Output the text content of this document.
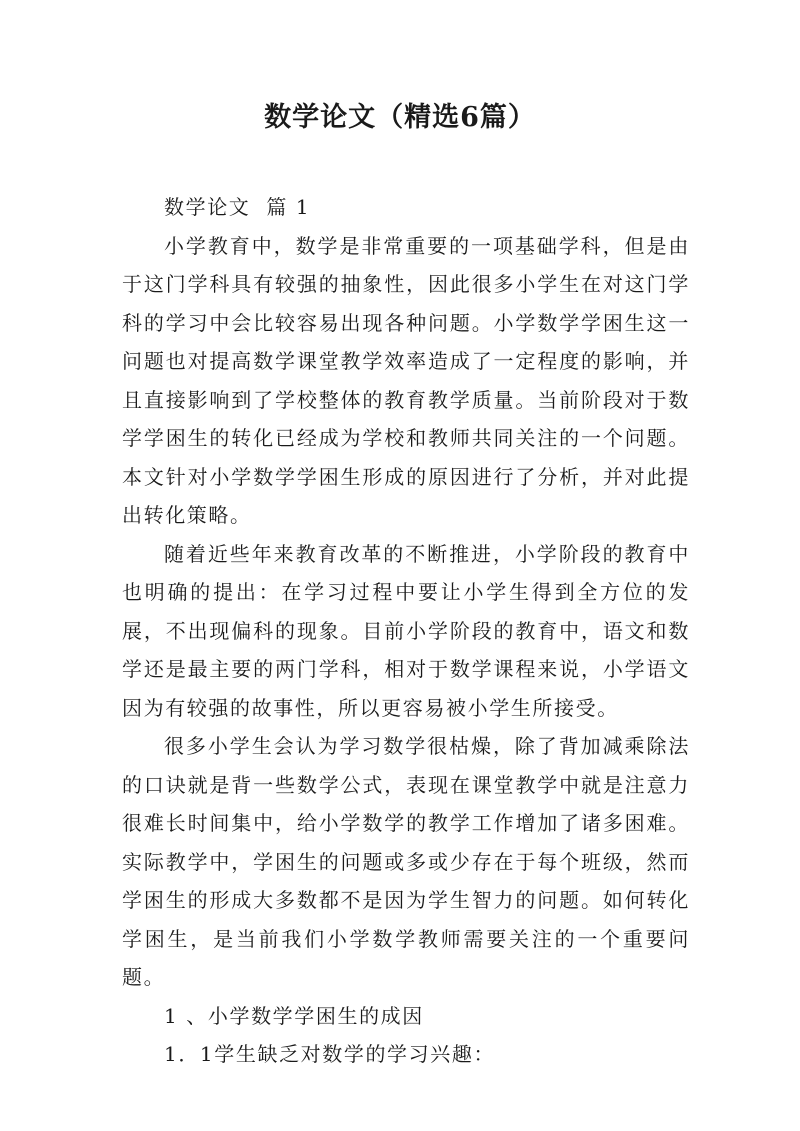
数学论文（精选6篇）

数学论文  篇 1

小学教育中，数学是非常重要的一项基础学科，但是由于这门学科具有较强的抽象性，因此很多小学生在对这门学科的学习中会比较容易出现各种问题。小学数学学困生这一问题也对提高数学课堂教学效率造成了一定程度的影响，并且直接影响到了学校整体的教育教学质量。当前阶段对于数学学困生的转化已经成为学校和教师共同关注的一个问题。本文针对小学数学学困生形成的原因进行了分析，并对此提出转化策略。

随着近些年来教育改革的不断推进，小学阶段的教育中也明确的提出：在学习过程中要让小学生得到全方位的发展，不出现偏科的现象。目前小学阶段的教育中，语文和数学还是最主要的两门学科，相对于数学课程来说，小学语文因为有较强的故事性，所以更容易被小学生所接受。

很多小学生会认为学习数学很枯燥，除了背加减乘除法的口诀就是背一些数学公式，表现在课堂教学中就是注意力很难长时间集中，给小学数学的教学工作增加了诸多困难。实际教学中，学困生的问题或多或少存在于每个班级，然而学困生的形成大多数都不是因为学生智力的问题。如何转化学困生，是当前我们小学数学教师需要关注的一个重要问题。

1 、小学数学学困生的成因

1．1学生缺乏对数学的学习兴趣：
